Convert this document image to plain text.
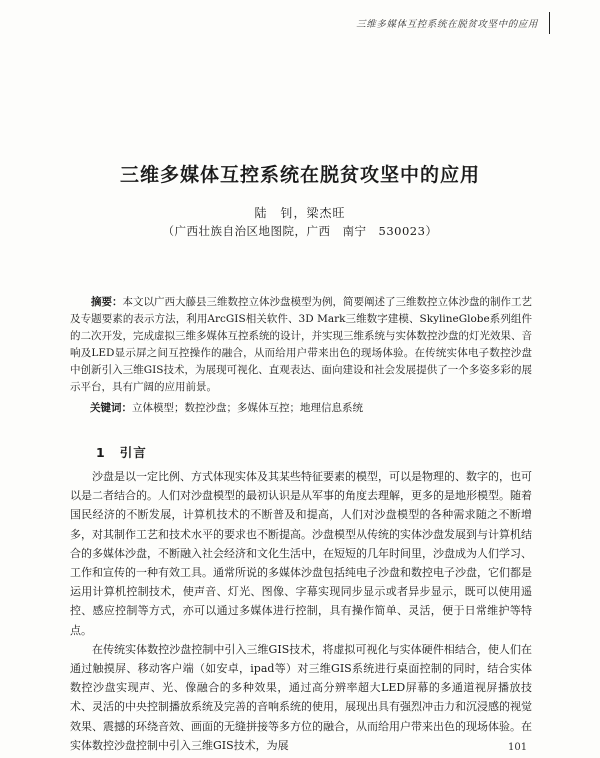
三维多媒体互控系统在脱贫攻坚中的应用
三维多媒体互控系统在脱贫攻坚中的应用
陆　钊，梁杰旺
（广西壮族自治区地图院，广西　南宁　530023）

摘要：本文以广西大藤县三维数控立体沙盘模型为例，简要阐述了三维数控立体沙盘的制作工艺及专题要素的表示方法，利用ArcGIS相关软件、3D Mark三维数字建模、SkylineGlobe系列组件的二次开发，完成虚拟三维多媒体互控系统的设计，并实现三维系统与实体数控沙盘的灯光效果、音响及LED显示屏之间互控操作的融合，从而给用户带来出色的现场体验。在传统实体电子数控沙盘中创新引入三维GIS技术，为展现可视化、直观表达、面向建设和社会发展提供了一个多姿多彩的展示平台，具有广阔的应用前景。

关键词：立体模型；数控沙盘；多媒体互控；地理信息系统
1 引言

沙盘是以一定比例、方式体现实体及其某些特征要素的模型，可以是物理的、数字的，也可以是二者结合的。人们对沙盘模型的最初认识是从军事的角度去理解，更多的是地形模型。随着国民经济的不断发展，计算机技术的不断普及和提高，人们对沙盘模型的各种需求随之不断增多，对其制作工艺和技术水平的要求也不断提高。沙盘模型从传统的实体沙盘发展到与计算机结合的多媒体沙盘，不断融入社会经济和文化生活中，在短短的几年时间里，沙盘成为人们学习、工作和宣传的一种有效工具。通常所说的多媒体沙盘包括纯电子沙盘和数控电子沙盘，它们都是运用计算机控制技术，使声音、灯光、图像、字幕实现同步显示或者异步显示，既可以使用遥控、感应控制等方式，亦可以通过多媒体进行控制，具有操作简单、灵活，便于日常维护等特点。

在传统实体数控沙盘控制中引入三维GIS技术，将虚拟可视化与实体硬件相结合，使人们在通过触摸屏、移动客户端（如安卓，ipad等）对三维GIS系统进行桌面控制的同时，结合实体数控沙盘实现声、光、像融合的多种效果，通过高分辨率超大LED屏幕的多通道视屏播放技术、灵活的中央控制播放系统及完善的音响系统的使用，展现出具有强烈冲击力和沉浸感的视觉效果、震撼的环绕音效、画面的无缝拼接等多方位的融合，从而给用户带来出色的现场体验。在实体数控沙盘控制中引入三维GIS技术，为展	101
